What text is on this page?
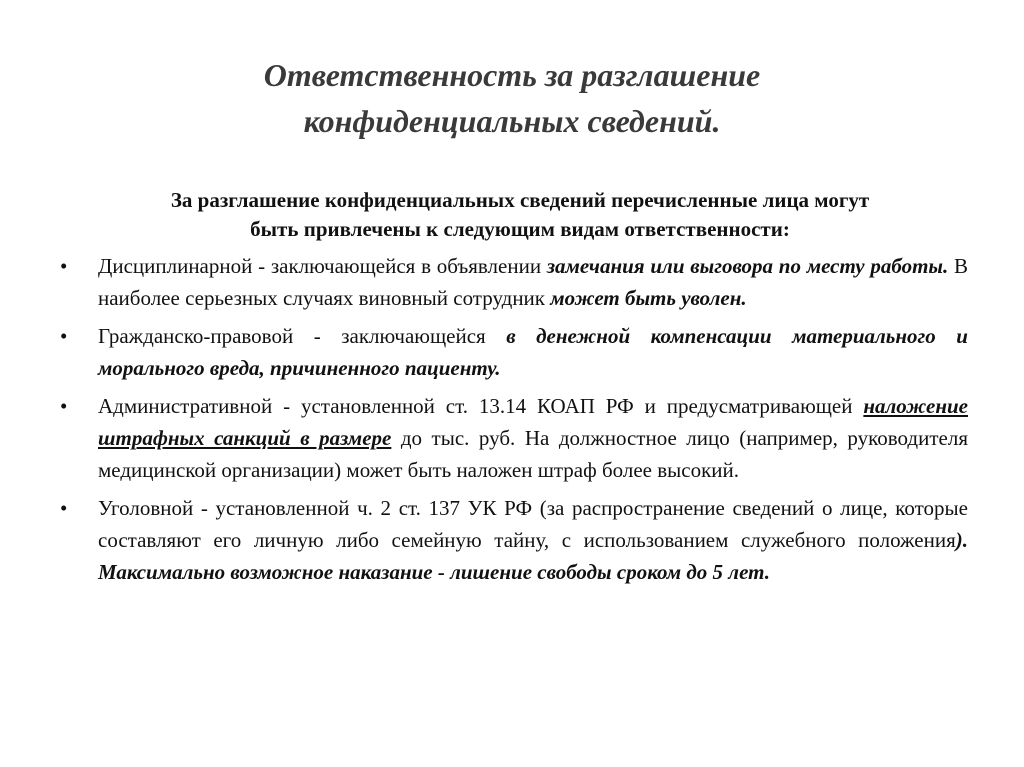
Ответственность за разглашение
конфиденциальных сведений.
За разглашение конфиденциальных сведений перечисленные лица могут
быть привлечены к следующим видам ответственности:
• Дисциплинарной - заключающейся в объявлении замечания или выговора по месту работы. В наиболее серьезных случаях виновный сотрудник может быть уволен.
• Гражданско-правовой - заключающейся в денежной компенсации материального и морального вреда, причиненного пациенту.
• Административной - установленной ст. 13.14 КОАП РФ и предусматривающей наложение штрафных санкций в размере до тыс. руб. На должностное лицо (например, руководителя медицинской организации) может быть наложен штраф более высокий.
• Уголовной - установленной ч. 2 ст. 137 УК РФ (за распространение сведений о лице, которые составляют его личную либо семейную тайну, с использованием служебного положения). Максимально возможное наказание - лишение свободы сроком до 5 лет.
